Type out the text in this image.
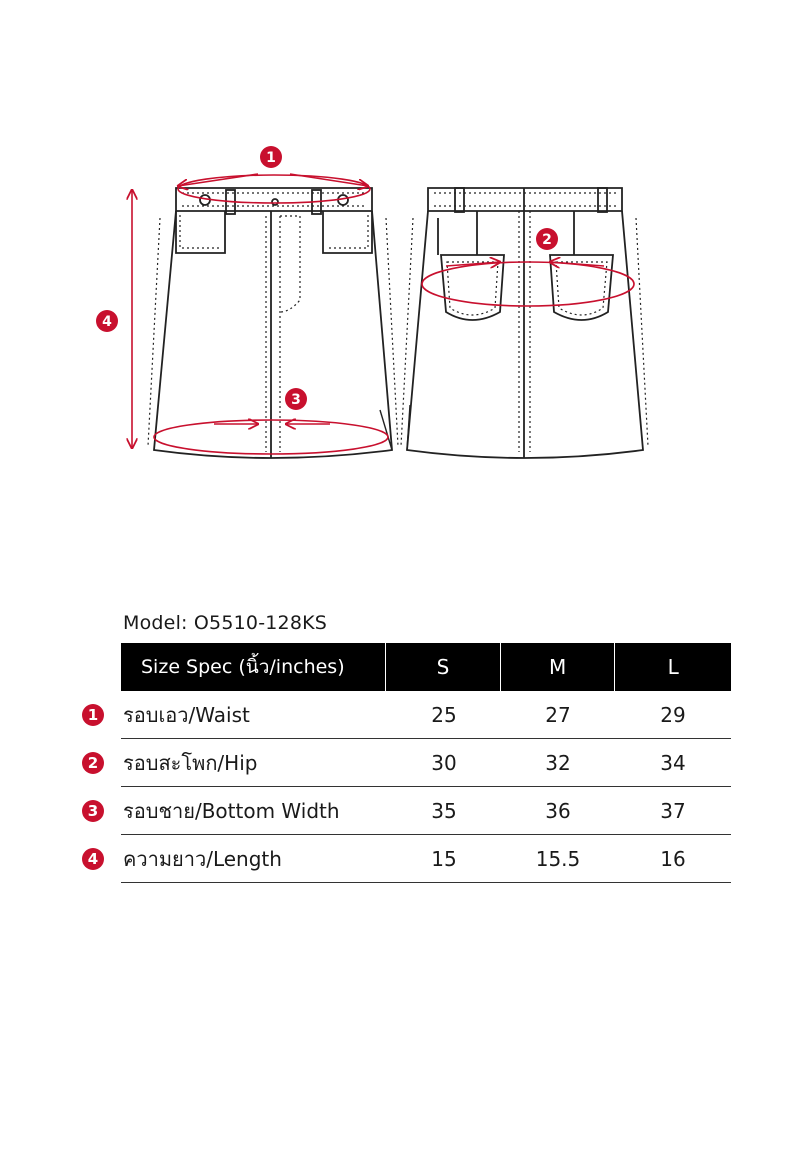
1
2
3
4
Model: O5510-128KS
Size Spec (นิ้ว/inches)	S	M	L
1 รอบเอว/Waist	25	27	29
2 รอบสะโพก/Hip	30	32	34
3 รอบชาย/Bottom Width	35	36	37
4 ความยาว/Length	15	15.5	16
